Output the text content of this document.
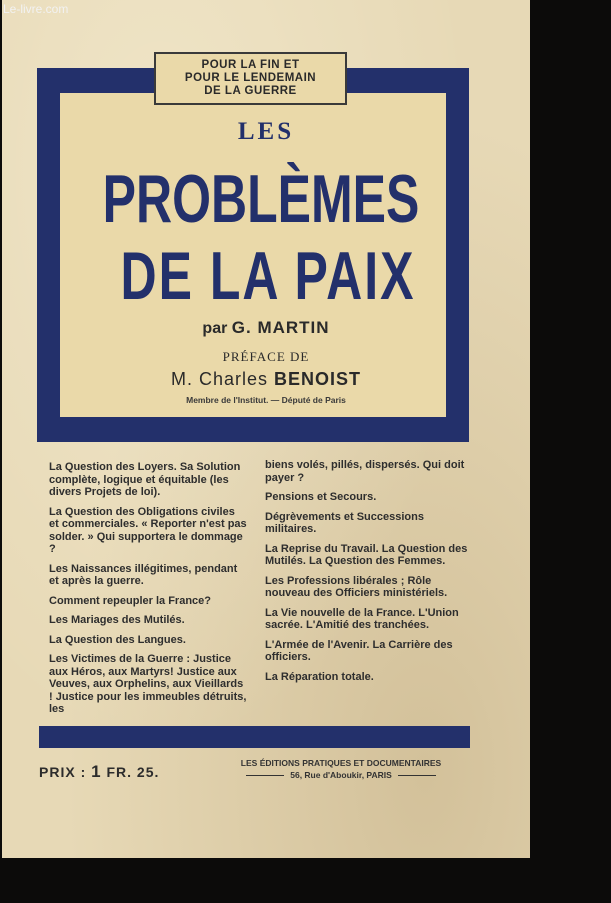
Le-livre.com
POUR LA FIN ET
POUR LE LENDEMAIN
DE LA GUERRE
LES
PROBLÈMES
DE LA PAIX
par G. MARTIN
PRÉFACE DE
M. Charles BENOIST
Membre de l'Institut. — Député de Paris

La Question des Loyers. Sa Solution complète, logique et équitable (les divers Projets de loi).

La Question des Obligations civiles et commerciales. « Reporter n'est pas solder. » Qui supportera le dommage ?

Les Naissances illégitimes, pendant et après la guerre.

Comment repeupler la France?

Les Mariages des Mutilés.

La Question des Langues.

Les Victimes de la Guerre : Justice aux Héros, aux Martyrs! Justice aux Veuves, aux Orphelins, aux Vieillards ! Justice pour les immeubles détruits, les

biens volés, pillés, dispersés. Qui doit payer ?

Pensions et Secours.

Dégrèvements et Successions militaires.

La Reprise du Travail. La Question des Mutilés. La Question des Femmes.

Les Professions libérales ; Rôle nouveau des Officiers ministériels.

La Vie nouvelle de la France. L'Union sacrée. L'Amitié des tranchées.

L'Armée de l'Avenir. La Carrière des officiers.

La Réparation totale.

PRIX : 1 FR. 25.
LES ÉDITIONS PRATIQUES ET DOCUMENTAIRES
56, Rue d'Aboukir, PARIS
